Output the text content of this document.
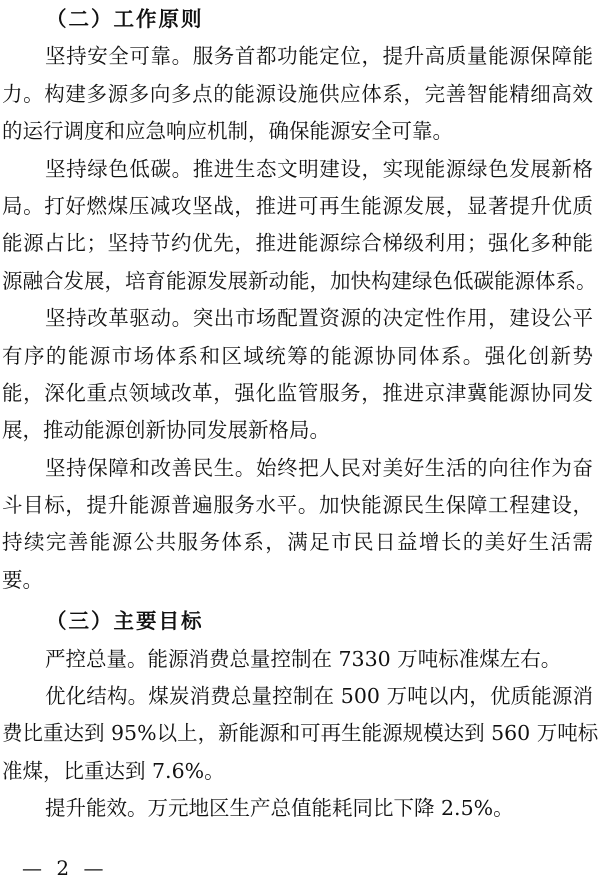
（二）工作原则
坚持安全可靠。服务首都功能定位，提升高质量能源保障能
力。构建多源多向多点的能源设施供应体系，完善智能精细高效
的运行调度和应急响应机制，确保能源安全可靠。
坚持绿色低碳。推进生态文明建设，实现能源绿色发展新格
局。打好燃煤压减攻坚战，推进可再生能源发展，显著提升优质
能源占比；坚持节约优先，推进能源综合梯级利用；强化多种能
源融合发展，培育能源发展新动能，加快构建绿色低碳能源体系。
坚持改革驱动。突出市场配置资源的决定性作用，建设公平
有序的能源市场体系和区域统筹的能源协同体系。强化创新势
能，深化重点领域改革，强化监管服务，推进京津冀能源协同发
展，推动能源创新协同发展新格局。
坚持保障和改善民生。始终把人民对美好生活的向往作为奋
斗目标，提升能源普遍服务水平。加快能源民生保障工程建设，
持续完善能源公共服务体系，满足市民日益增长的美好生活需
要。
（三）主要目标
严控总量。能源消费总量控制在 7330 万吨标准煤左右。
优化结构。煤炭消费总量控制在 500 万吨以内，优质能源消
费比重达到 95%以上，新能源和可再生能源规模达到 560 万吨标
准煤，比重达到 7.6%。
提升能效。万元地区生产总值能耗同比下降 2.5%。
— 2 —
